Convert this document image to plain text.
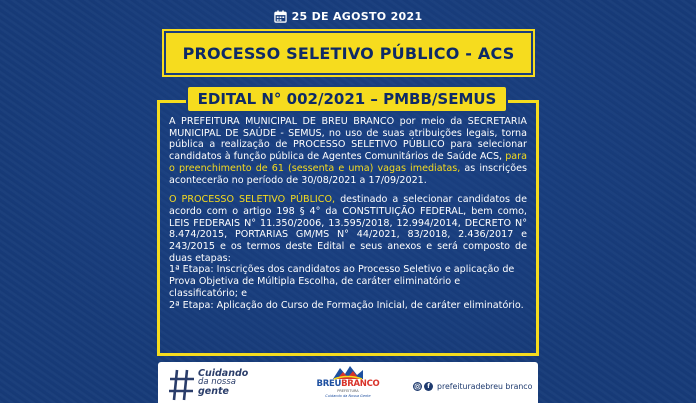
25 DE AGOSTO 2021
PROCESSO SELETIVO PÚBLICO - ACS
EDITAL N° 002/2021 – PMBB/SEMUS

A PREFEITURA MUNICIPAL DE BREU BRANCO por meio da SECRETARIA MUNICIPAL DE SAÚDE - SEMUS, no uso de suas atribuições legais, torna pública a realização de PROCESSO SELETIVO PÚBLICO para selecionar candidatos à função pública de Agentes Comunitários de Saúde ACS, para o preenchimento de 61 (sessenta e uma) vagas imediatas, as inscrições acontecerão no período de 30/08/2021 a 17/09/2021.

O PROCESSO SELETIVO PÚBLICO, destinado a selecionar candidatos de acordo com o artigo 198 § 4° da CONSTITUIÇÃO FEDERAL, bem como, LEIS FEDERAIS N° 11.350/2006, 13.595/2018, 12.994/2014, DECRETO N° 8.474/2015, PORTARIAS GM/MS N° 44/2021, 83/2018, 2.436/2017 e 243/2015 e os termos deste Edital e seus anexos e será composto de duas etapas:

1ª Etapa: Inscrições dos candidatos ao Processo Seletivo e aplicação de Prova Objetiva de Múltipla Escolha, de caráter eliminatório e classificatório; e

2ª Etapa: Aplicação do Curso de Formação Inicial, de caráter eliminatório.

Cuidando
da nossa
gente
BREUBRANCO
PREFEITURA
Cuidando da Nossa Gente
f prefeituradebreu branco
